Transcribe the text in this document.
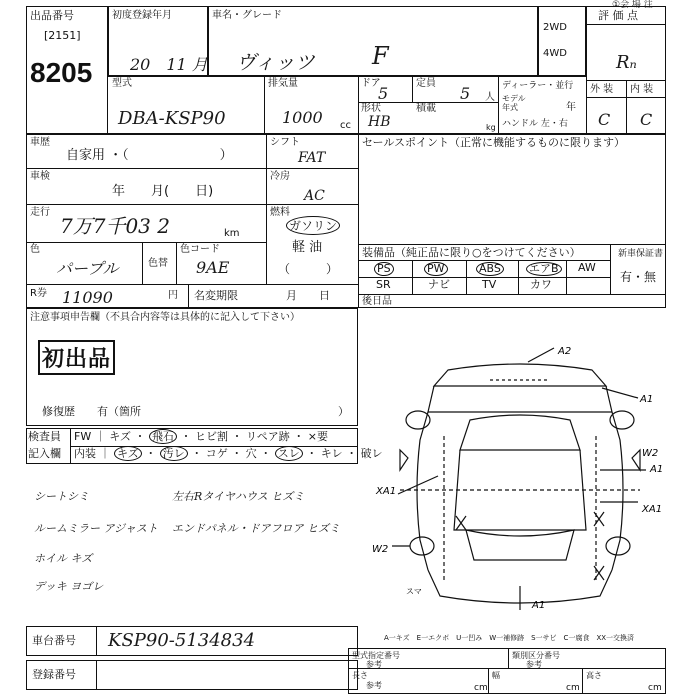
①会 場 注
出品番号
[2151]
8205
初度登録年月
20　11 月
車名・グレード
ヴィッツ F
2WD
4WD
評 価 点
Rₙ
外 装 内 装
C C
型式
DBA-KSP90
排気量
1000 cc
ドア
5
定員
5 人
形状
HB
積載
kg
ディーラー・並行
モデル年式	年
ハンドル 左・右
車歴
自家用 ・（　　　　　　　）
シフト
FAT
セールスポイント（正常に機能するものに限ります）
車検
年　　月(　　日)
冷房
AC
走行
7万7千03 2	km
燃料
ガソリン
軽 油
（　　　）
色
パープル	色替
色コード
9AE
R券 11090	円 名変期限	月　　日
装備品（純正品に限り○をつけてください）	新車保証書
有・無
PS	PW	ABS	エアB AW
SR	ナビ	TV	カワ
後日品
注意事項申告欄（不具合内容等は具体的に記入して下さい）
初出品
修復歴　　有（箇所	）
検査員
記入欄
FW ｜ キズ ・ 飛石 ・ ヒビ割 ・ リペア跡 ・ ×要
内装 ｜ キズ ・ 汚レ ・ コゲ ・ 穴 ・ スレ ・ キレ ・ 破レ
シートシミ	左右Rタイヤハウス ヒズミ
ルームミラー アジャスト エンドパネル・ドアフロア ヒズミ
ホイル キズ
デッキ ヨゴレ
A2
A1
W2
A1
XA1
XA1
W2
A1
スマ
A一キズ　E一エクボ　U一凹み　W一補修跡　S一サビ　C一腐食　XX一交換済
車台番号 KSP90-5134834
登録番号
型式指定番号
参考
類別区分番号
参考
長さ
参考	cm
幅
cm
高さ
cm
